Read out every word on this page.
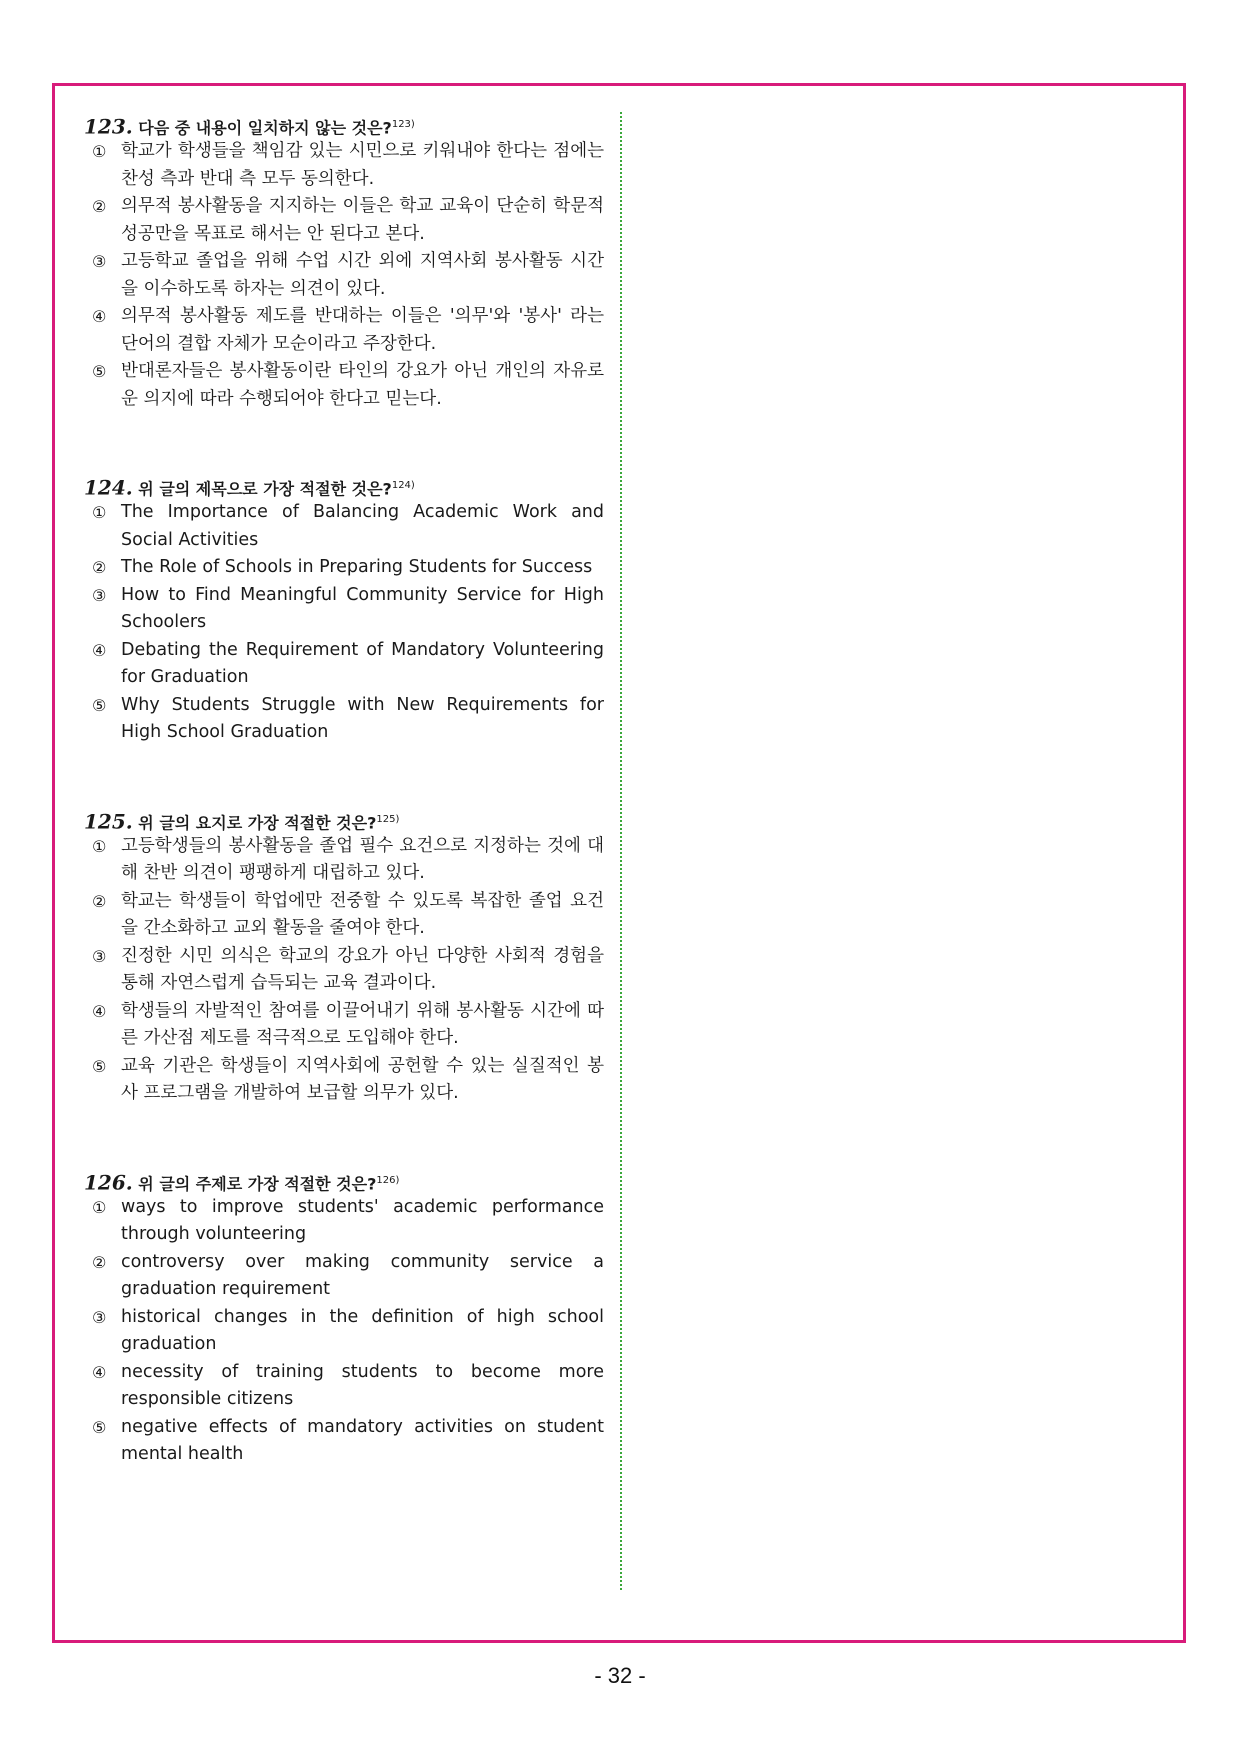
123. 다음 중 내용이 일치하지 않는 것은?$^{123)}$
① 학교가 학생들을 책임감 있는 시민으로 키워내야 한다는 점에는 찬성 측과 반대 측 모두 동의한다.
② 의무적 봉사활동을 지지하는 이들은 학교 교육이 단순히 학문적 성공만을 목표로 해서는 안 된다고 본다.
③ 고등학교 졸업을 위해 수업 시간 외에 지역사회 봉사활동 시간을 이수하도록 하자는 의견이 있다.
④ 의무적 봉사활동 제도를 반대하는 이들은 '의무'와 '봉사' 라는 단어의 결합 자체가 모순이라고 주장한다.
⑤ 반대론자들은 봉사활동이란 타인의 강요가 아닌 개인의 자유로운 의지에 따라 수행되어야 한다고 믿는다.
124. 위 글의 제목으로 가장 적절한 것은?$^{124)}$
① The Importance of Balancing Academic Work and Social Activities
② The Role of Schools in Preparing Students for Success
③ How to Find Meaningful Community Service for High Schoolers
④ Debating the Requirement of Mandatory Volunteering for Graduation
⑤ Why Students Struggle with New Requirements for High School Graduation
125. 위 글의 요지로 가장 적절한 것은?$^{125)}$
① 고등학생들의 봉사활동을 졸업 필수 요건으로 지정하는 것에 대해 찬반 의견이 팽팽하게 대립하고 있다.
② 학교는 학생들이 학업에만 전중할 수 있도록 복잡한 졸업 요건을 간소화하고 교외 활동을 줄여야 한다.
③ 진정한 시민 의식은 학교의 강요가 아닌 다양한 사회적 경험을 통해 자연스럽게 습득되는 교육 결과이다.
④ 학생들의 자발적인 참여를 이끌어내기 위해 봉사활동 시간에 따른 가산점 제도를 적극적으로 도입해야 한다.
⑤ 교육 기관은 학생들이 지역사회에 공헌할 수 있는 실질적인 봉사 프로그램을 개발하여 보급할 의무가 있다.
126. 위 글의 주제로 가장 적절한 것은?$^{126)}$
① ways to improve students' academic performance through volunteering
② controversy over making community service a graduation requirement
③ historical changes in the definition of high school graduation
④ necessity of training students to become more responsible citizens
⑤ negative effects of mandatory activities on student mental health
- 32 -
